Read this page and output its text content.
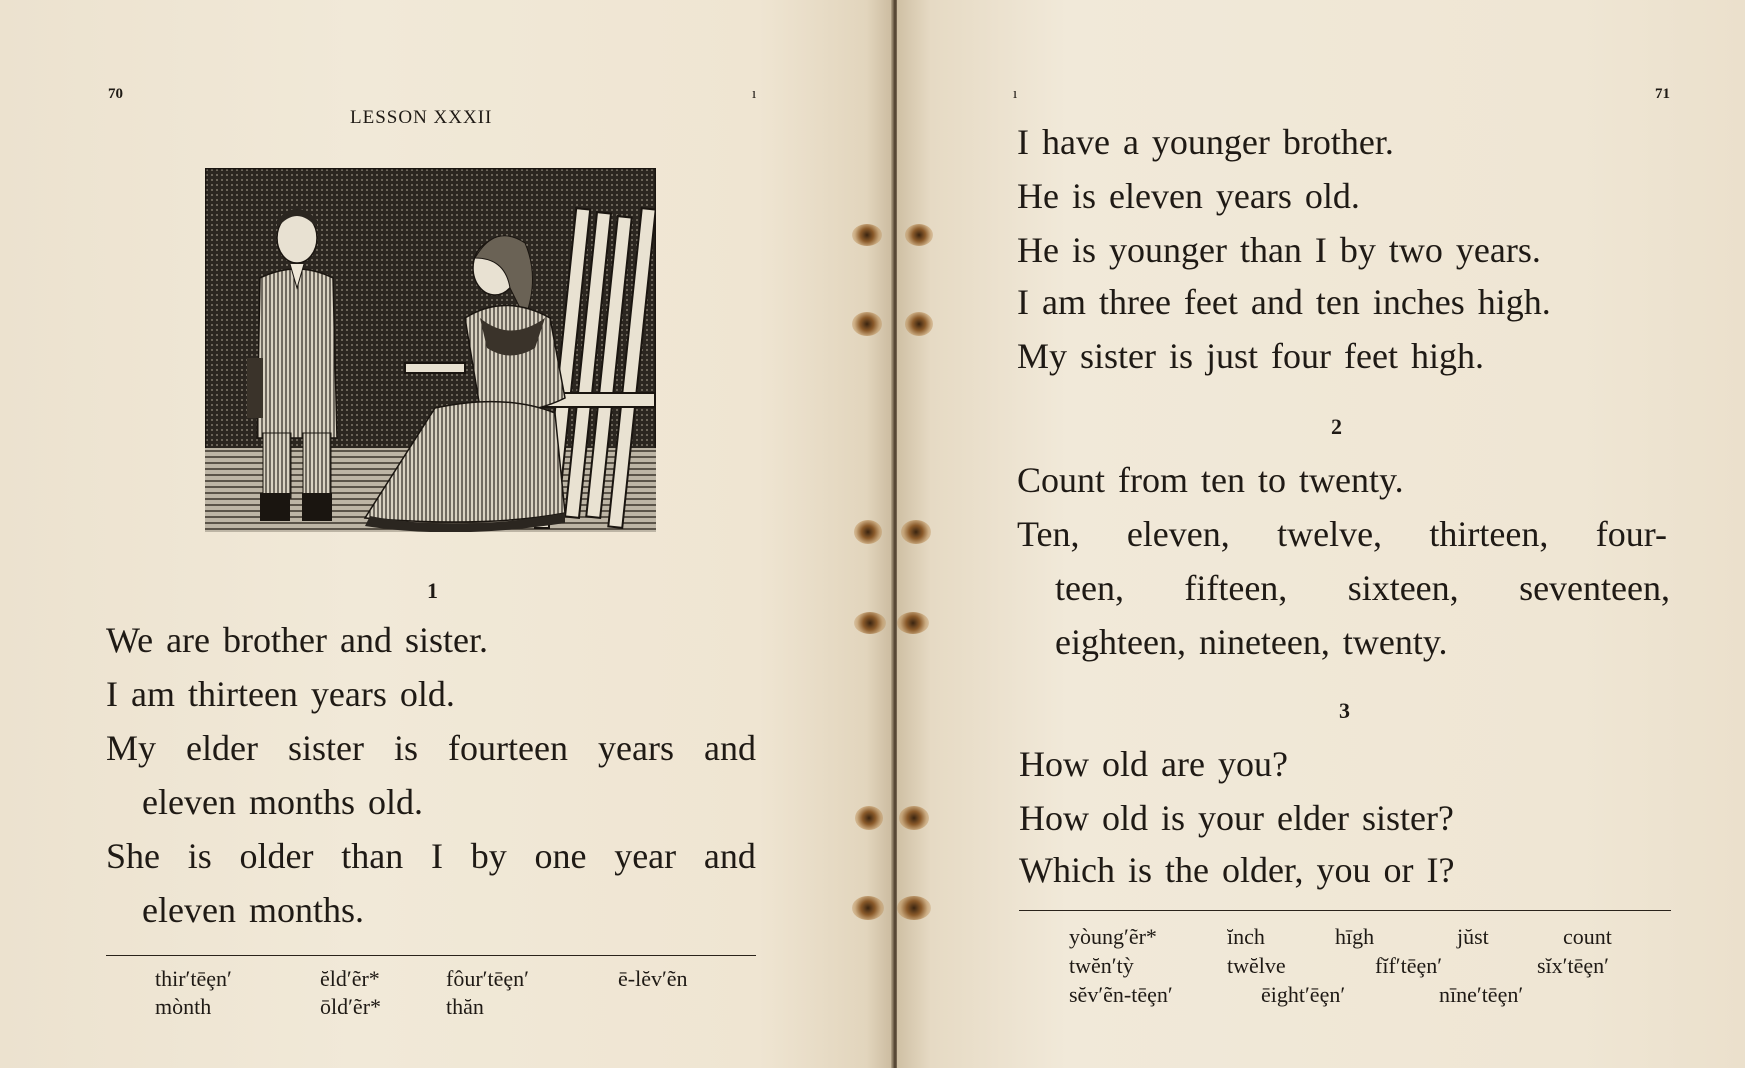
70	ı
LESSON XXXII
1
We are brother and sister.
I am thirteen years old.
My elder sister is fourteen years and
eleven months old.
She is older than I by one year and
eleven months.
thir′tēȩn′	ĕld′ẽr*	fôur′tēȩn′	ē-lĕv′ẽn
mònth	ōld′ẽr*	thăn
ı	71
I have a younger brother.
He is eleven years old.
He is younger than I by two years.
I am three feet and ten inches high.
My sister is just four feet high.
2
Count from ten to twenty.
Ten, eleven, twelve, thirteen, four-
teen, fifteen, sixteen, seventeen,
eighteen, nineteen, twenty.
3
How old are you?
How old is your elder sister?
Which is the older, you or I?
yòung′ẽr*	ĭnch	hīgh	jŭst	count
twĕn′tỳ	twĕlve	fĭf′tēȩn′	sĭx′tēȩn′
sĕv′ẽn-tēȩn′	ēight′ēȩn′	nīne′tēȩn′
